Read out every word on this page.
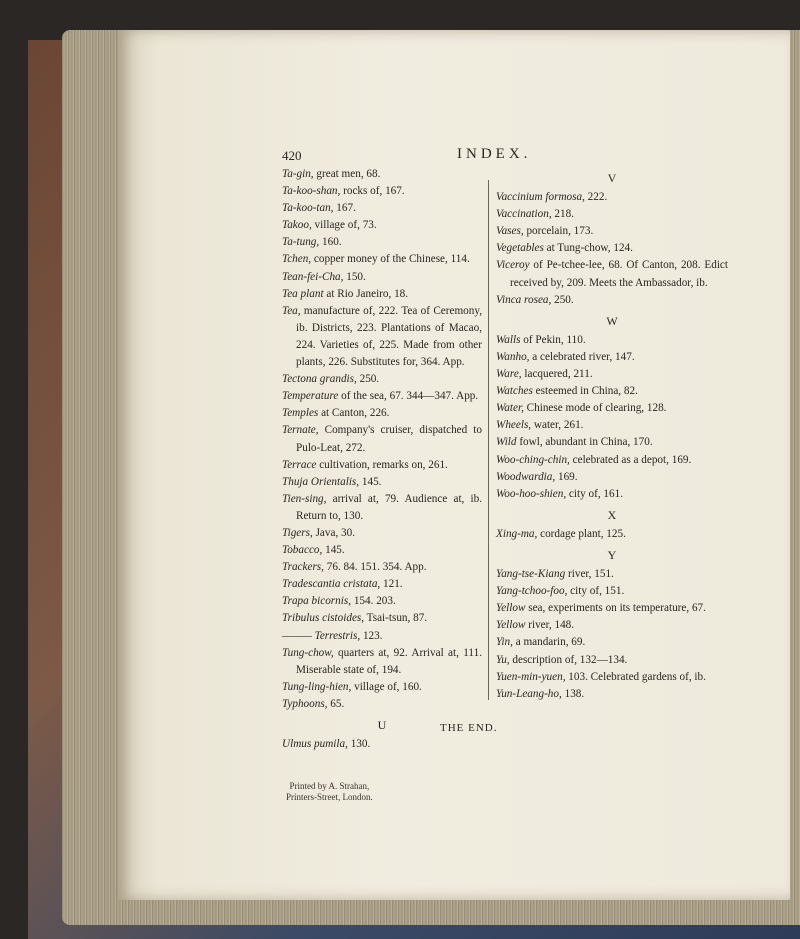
420	INDEX.

Ta-gin, great men, 68.

Ta-koo-shan, rocks of, 167.

Ta-koo-tan, 167.

Takoo, village of, 73.

Ta-tung, 160.

Tchen, copper money of the Chinese, 114.

Tean-fei-Cha, 150.

Tea plant at Rio Janeiro, 18.

Tea, manufacture of, 222. Tea of Ceremony, ib. Districts, 223. Plantations of Macao, 224. Varieties of, 225. Made from other plants, 226. Substitutes for, 364. App.

Tectona grandis, 250.

Temperature of the sea, 67. 344—347. App.

Temples at Canton, 226.

Ternate, Company's cruiser, dispatched to Pulo-Leat, 272.

Terrace cultivation, remarks on, 261.

Thuja Orientalis, 145.

Tien-sing, arrival at, 79. Audience at, ib. Return to, 130.

Tigers, Java, 30.

Tobacco, 145.

Trackers, 76. 84. 151. 354. App.

Tradescantia cristata, 121.

Trapa bicornis, 154. 203.

Tribulus cistoides, Tsai-tsun, 87.

——— Terrestris, 123.

Tung-chow, quarters at, 92. Arrival at, 111. Miserable state of, 194.

Tung-ling-hien, village of, 160.

Typhoons, 65.

U

Ulmus pumila, 130.

V

Vaccinium formosa, 222.

Vaccination, 218.

Vases, porcelain, 173.

Vegetables at Tung-chow, 124.

Viceroy of Pe-tchee-lee, 68. Of Canton, 208. Edict received by, 209. Meets the Ambassador, ib.

Vinca rosea, 250.

W

Walls of Pekin, 110.

Wanho, a celebrated river, 147.

Ware, lacquered, 211.

Watches esteemed in China, 82.

Water, Chinese mode of clearing, 128.

Wheels, water, 261.

Wild fowl, abundant in China, 170.

Woo-ching-chin, celebrated as a depot, 169.

Woodwardia, 169.

Woo-hoo-shien, city of, 161.

X

Xing-ma, cordage plant, 125.

Y

Yang-tse-Kiang river, 151.

Yang-tchoo-foo, city of, 151.

Yellow sea, experiments on its temperature, 67.

Yellow river, 148.

Yin, a mandarin, 69.

Yu, description of, 132—134.

Yuen-min-yuen, 103. Celebrated gardens of, ib.

Yun-Leang-ho, 138.

THE END.
Printed by A. Strahan,
Printers-Street, London.
